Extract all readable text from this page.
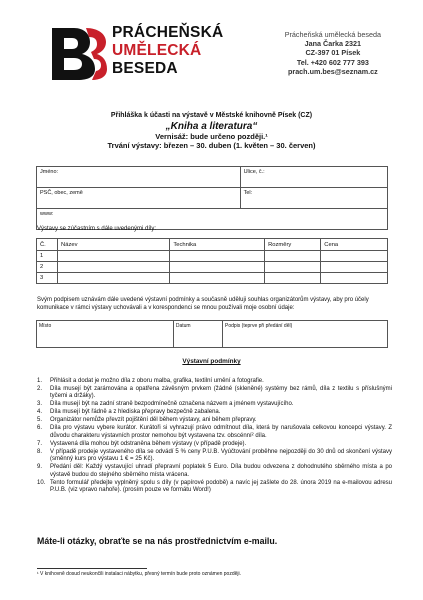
PRÁCHEŇSKÁ
UMĚLECKÁ
BESEDA
Prácheňská umělecká beseda
Jana Čarka 2321
CZ-397 01 Písek
Tel. +420 602 777 393
prach.um.bes@seznam.cz
Přihláška k účasti na výstavě v Městské knihovně Písek (CZ)
„Kniha a literatura“
Vernisáž: bude určeno později.¹
Trvání výstavy: březen – 30. duben (1. květen – 30. červen)
Jméno:	Ulice, č.:
PSČ, obec, země	Tel:
www:	
Výstavy se zúčastním s dále uvedenými díly:
Č.	Název	Technika	Rozměry	Cena
1				
2				
3				
Svým podpisem uznávám dále uvedené výstavní podmínky a současně uděluji souhlas organizátorům výstavy, aby pro účely komunikace v rámci výstavy uchovávali a v korespondenci se mnou používali moje osobní údaje:
Místo	Datum	Podpis (teprve při předání děl)
Výstavní podmínky
1. Přihlásit a dodat je možno díla z oboru malba, grafika, textilní umění a fotografie.
2. Díla musejí být zarámována a opatřena závěsným prvkem (žádné (skleněné) systémy bez rámů, díla z textilu s příslušnými tyčemi a držáky).
3. Díla musejí být na zadní straně bezpodmínečně označena názvem a jménem vystavujícího.
4. Díla musejí být řádně a z hlediska přepravy bezpečně zabalena.
5. Organizátor nemůže převzít pojištění děl během výstavy, ani během přepravy.
6. Díla pro výstavu vybere kurátor. Kurátoři si vyhrazují právo odmítnout díla, která by narušovala celkovou koncepci výstavy. Z důvodu charakteru výstavních prostor nemohou být vystavena tzv. obscénní² díla.
7. Vystavená díla mohou být odstraněna během výstavy (v případě prodeje).
8. V případě prodeje vystaveného díla se odvádí 5 % ceny P.U.B. Vyúčtování proběhne nejpozději do 30 dnů od skončení výstavy (směnný kurs pro výstavu 1 € = 25 Kč).
9. Předání děl: Každý vystavující uhradí přepravní poplatek 5 Euro. Díla budou odvezena z dohodnutého sběrného místa a po výstavě budou do stejného sběrného místa vrácena.
10. Tento formulář předejte vyplněný spolu s díly (v papírové podobě) a navíc jej zašlete do 28. února 2019 na e-mailovou adresu P.U.B. (viz vpravo nahoře). (prosím pouze ve formátu Word!)
Máte-li otázky, obraťte se na nás prostřednictvím e-mailu.
¹ V knihovně dosud neukončili instalaci nábytku, přesný termín bude proto oznámen později.
